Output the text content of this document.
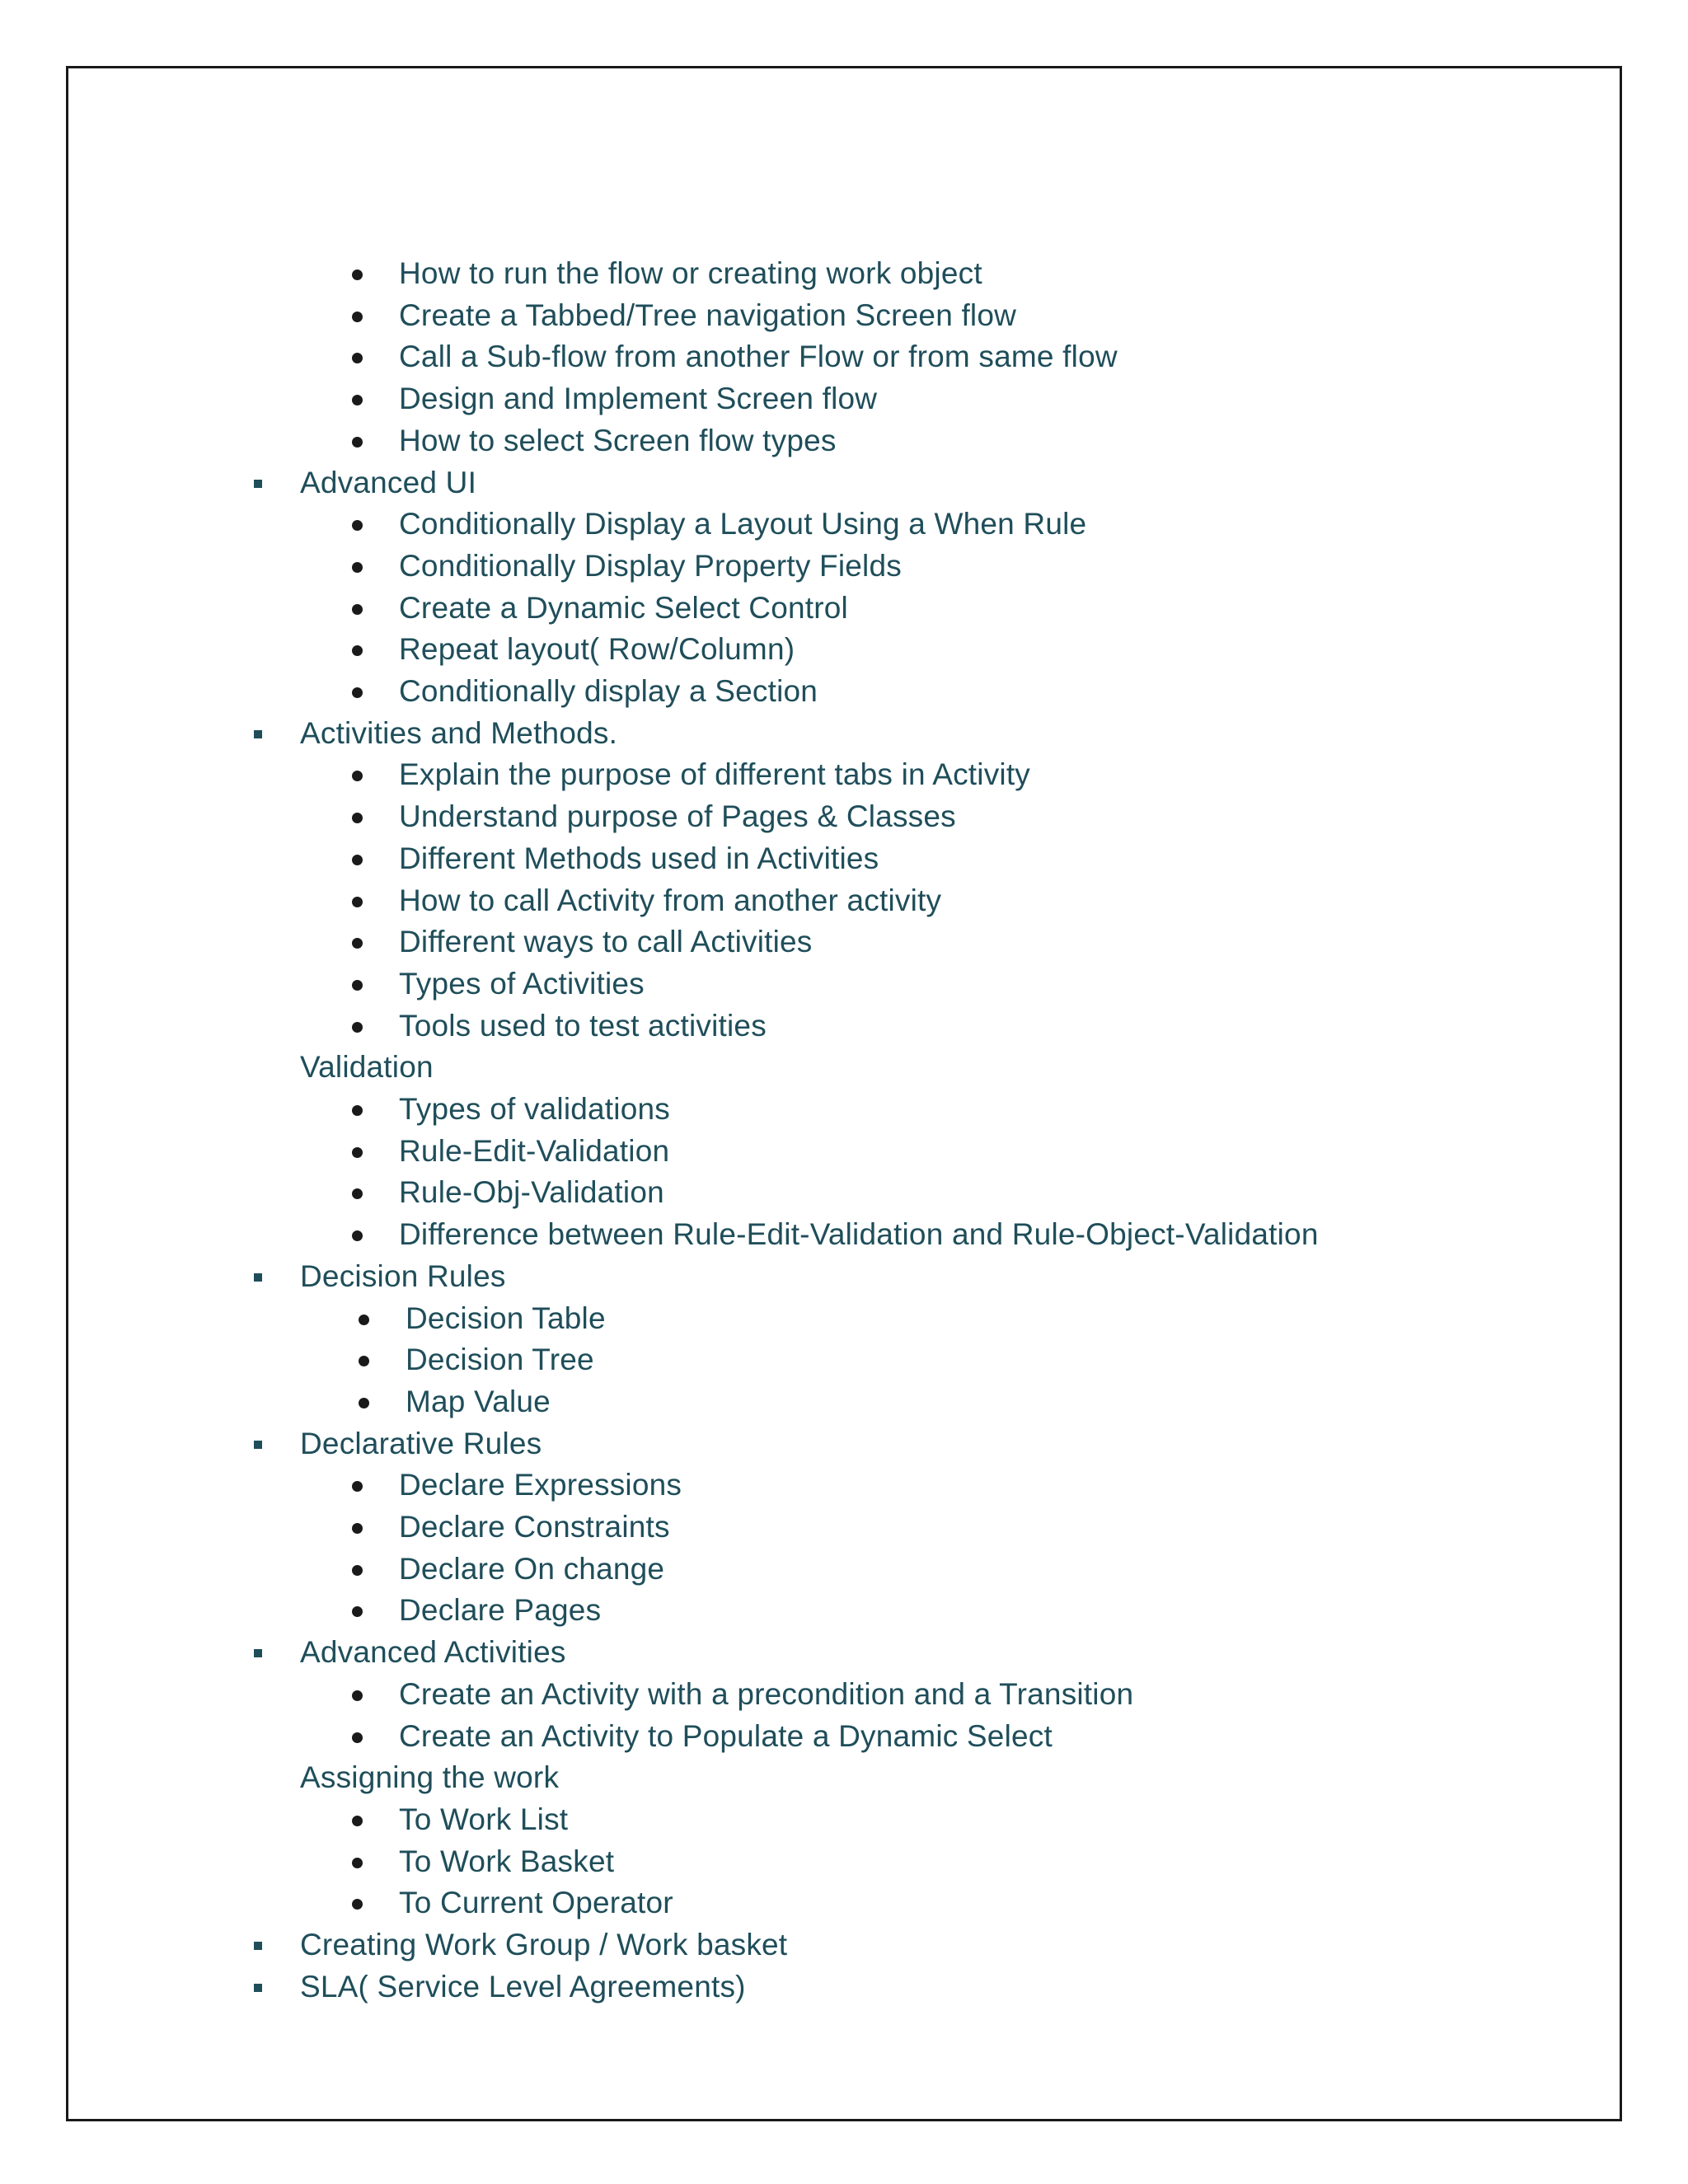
How to run the flow or creating work object
Create a Tabbed/Tree navigation Screen flow
Call a Sub-flow from another Flow or from same flow
Design and Implement Screen flow
How to select Screen flow types
Advanced UI
Conditionally Display a Layout Using a When Rule
Conditionally Display Property Fields
Create a Dynamic Select Control
Repeat layout( Row/Column)
Conditionally display a Section
Activities and Methods.
Explain the purpose of different tabs in Activity
Understand purpose of Pages & Classes
Different Methods used in Activities
How to call Activity from another activity
Different ways to call Activities
Types of Activities
Tools used to test activities
Validation
Types of validations
Rule-Edit-Validation
Rule-Obj-Validation
Difference between Rule-Edit-Validation and Rule-Object-Validation
Decision Rules
Decision Table
Decision Tree
Map Value
Declarative Rules
Declare Expressions
Declare Constraints
Declare On change
Declare Pages
Advanced Activities
Create an Activity with a precondition and a Transition
Create an Activity to Populate a Dynamic Select
Assigning the work
To Work List
To Work Basket
To Current Operator
Creating Work Group / Work basket
SLA( Service Level Agreements)
